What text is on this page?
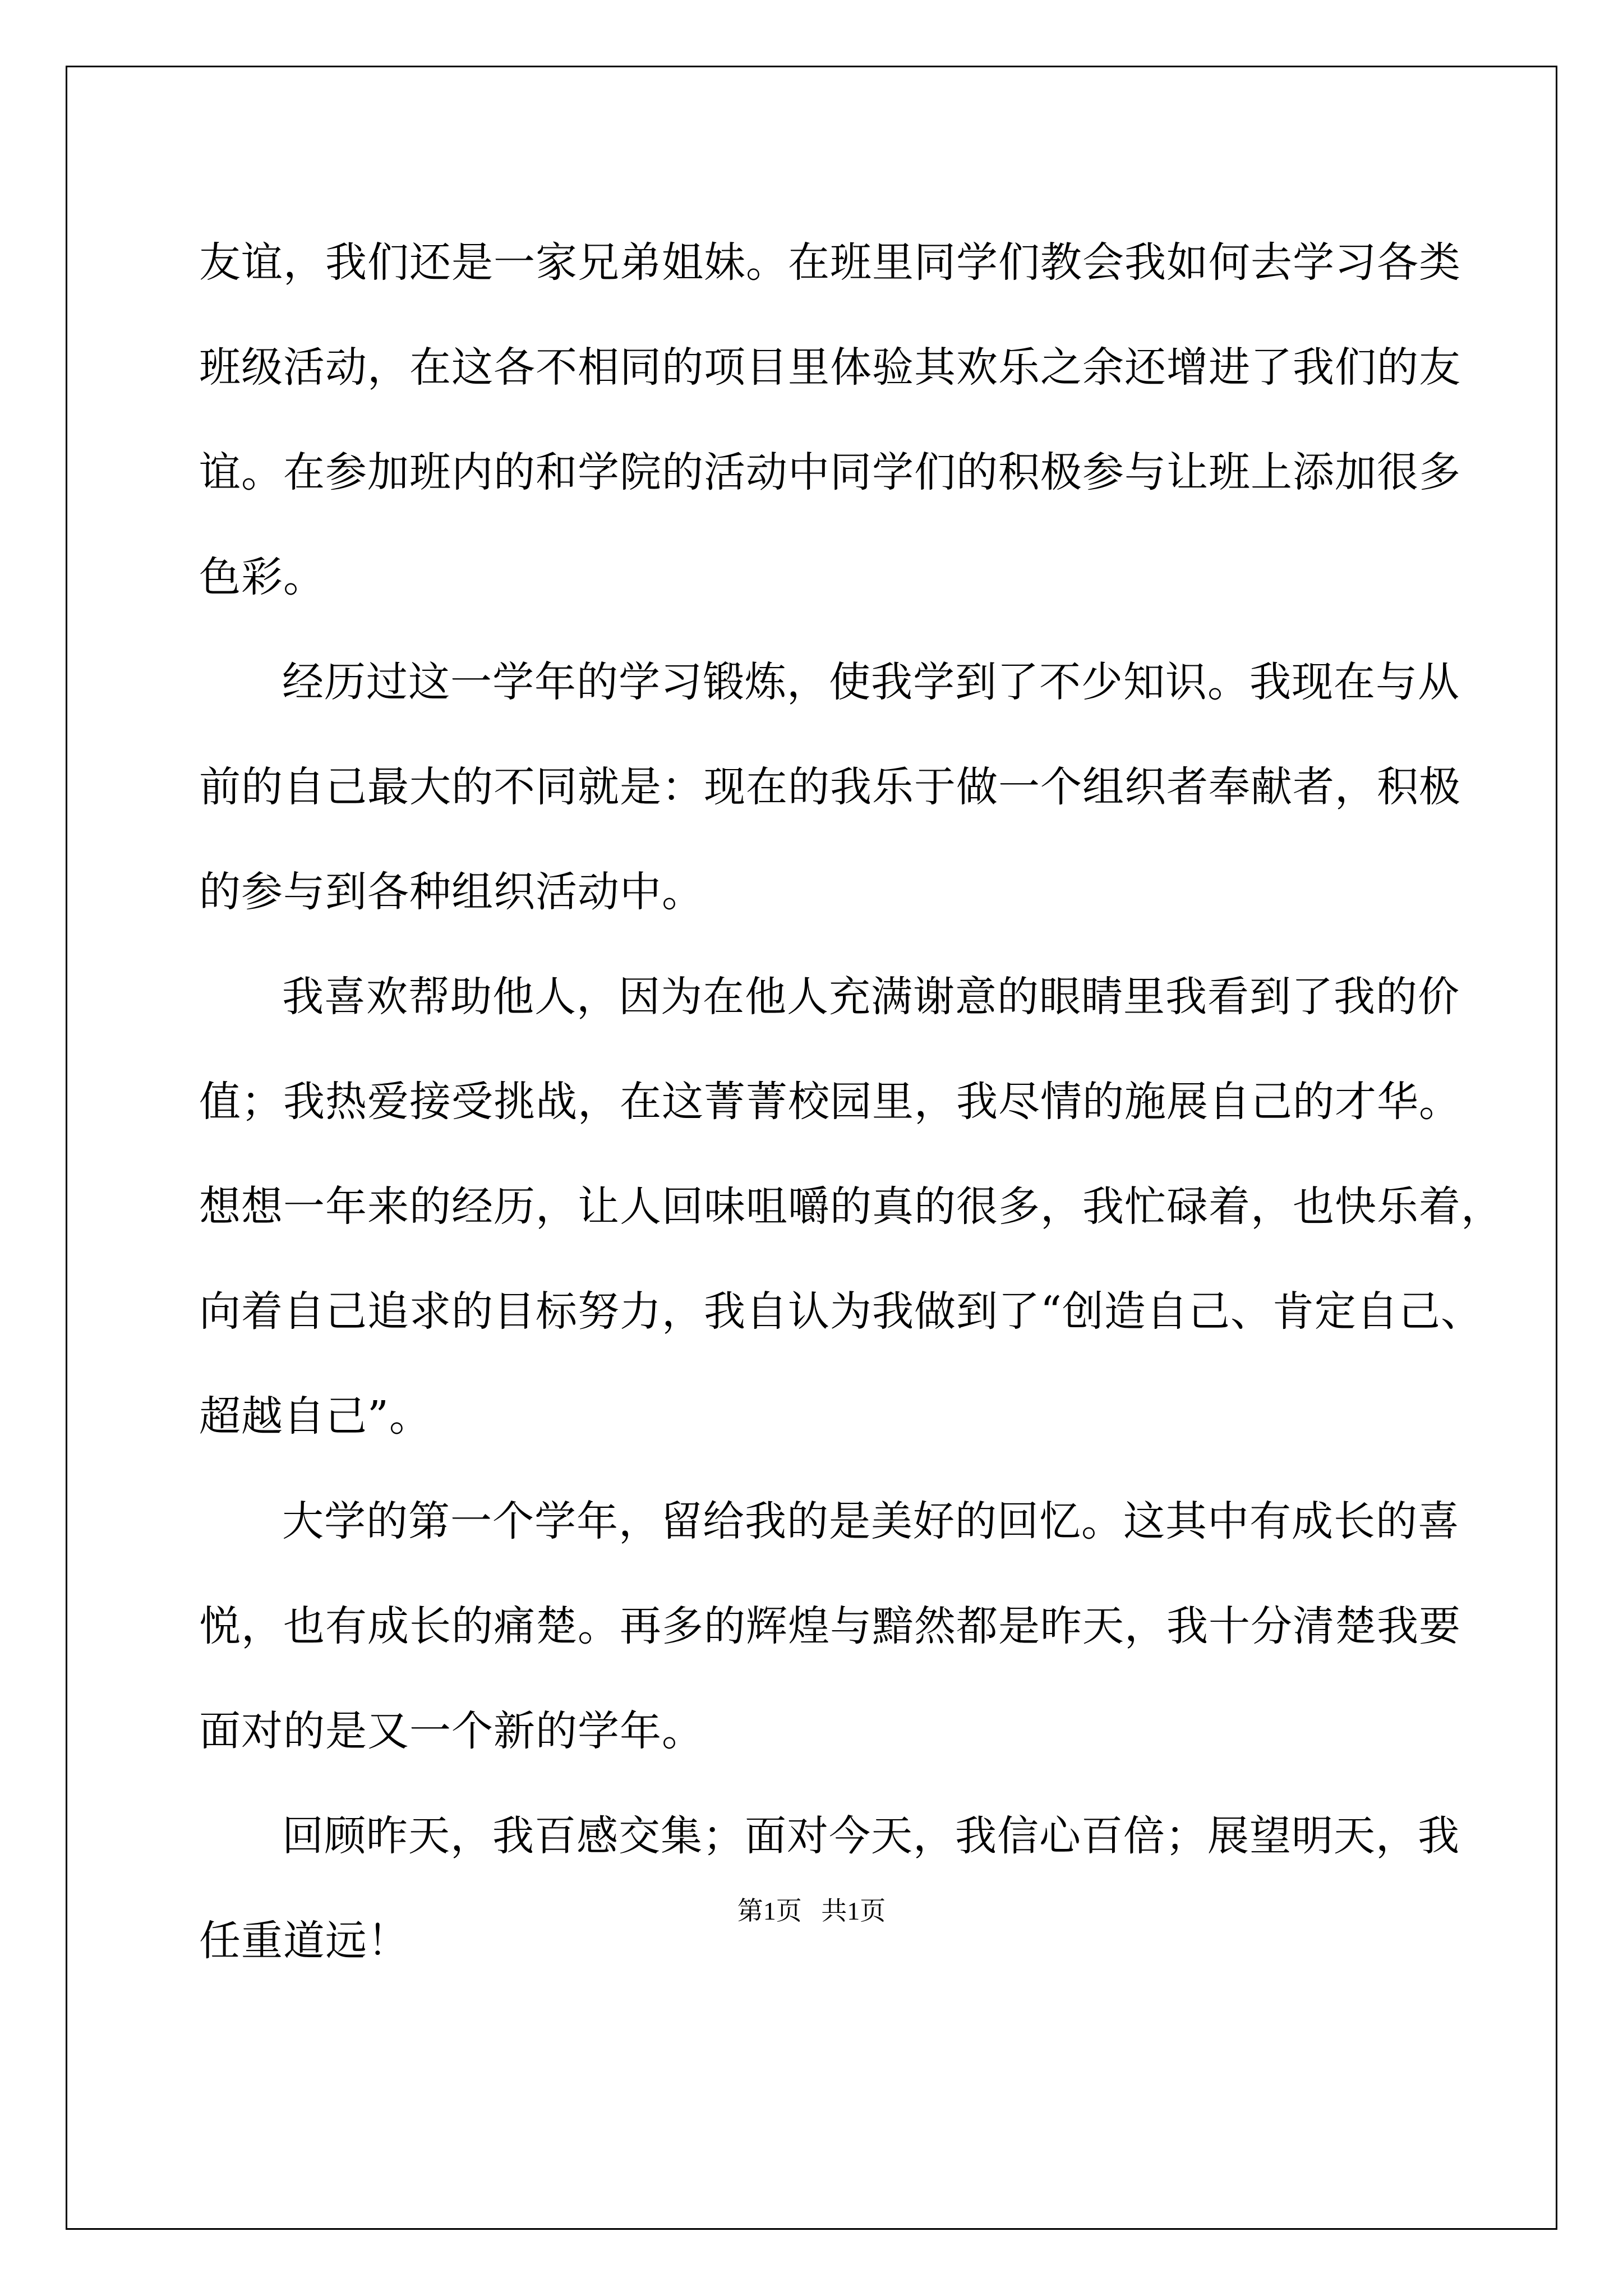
友谊，我们还是一家兄弟姐妹。在班里同学们教会我如何去学习各类
班级活动，在这各不相同的项目里体验其欢乐之余还增进了我们的友
谊。在参加班内的和学院的活动中同学们的积极参与让班上添加很多
色彩。
经历过这一学年的学习锻炼，使我学到了不少知识。我现在与从
前的自己最大的不同就是：现在的我乐于做一个组织者奉献者，积极
的参与到各种组织活动中。
我喜欢帮助他人，因为在他人充满谢意的眼睛里我看到了我的价
值；我热爱接受挑战，在这菁菁校园里，我尽情的施展自己的才华。
想想一年来的经历，让人回味咀嚼的真的很多，我忙碌着，也快乐着，
向着自己追求的目标努力，我自认为我做到了“创造自己、肯定自己、
超越自己”。
大学的第一个学年，留给我的是美好的回忆。这其中有成长的喜
悦，也有成长的痛楚。再多的辉煌与黯然都是昨天，我十分清楚我要
面对的是又一个新的学年。
回顾昨天，我百感交集；面对今天，我信心百倍；展望明天，我
任重道远！
第1页   共1页
